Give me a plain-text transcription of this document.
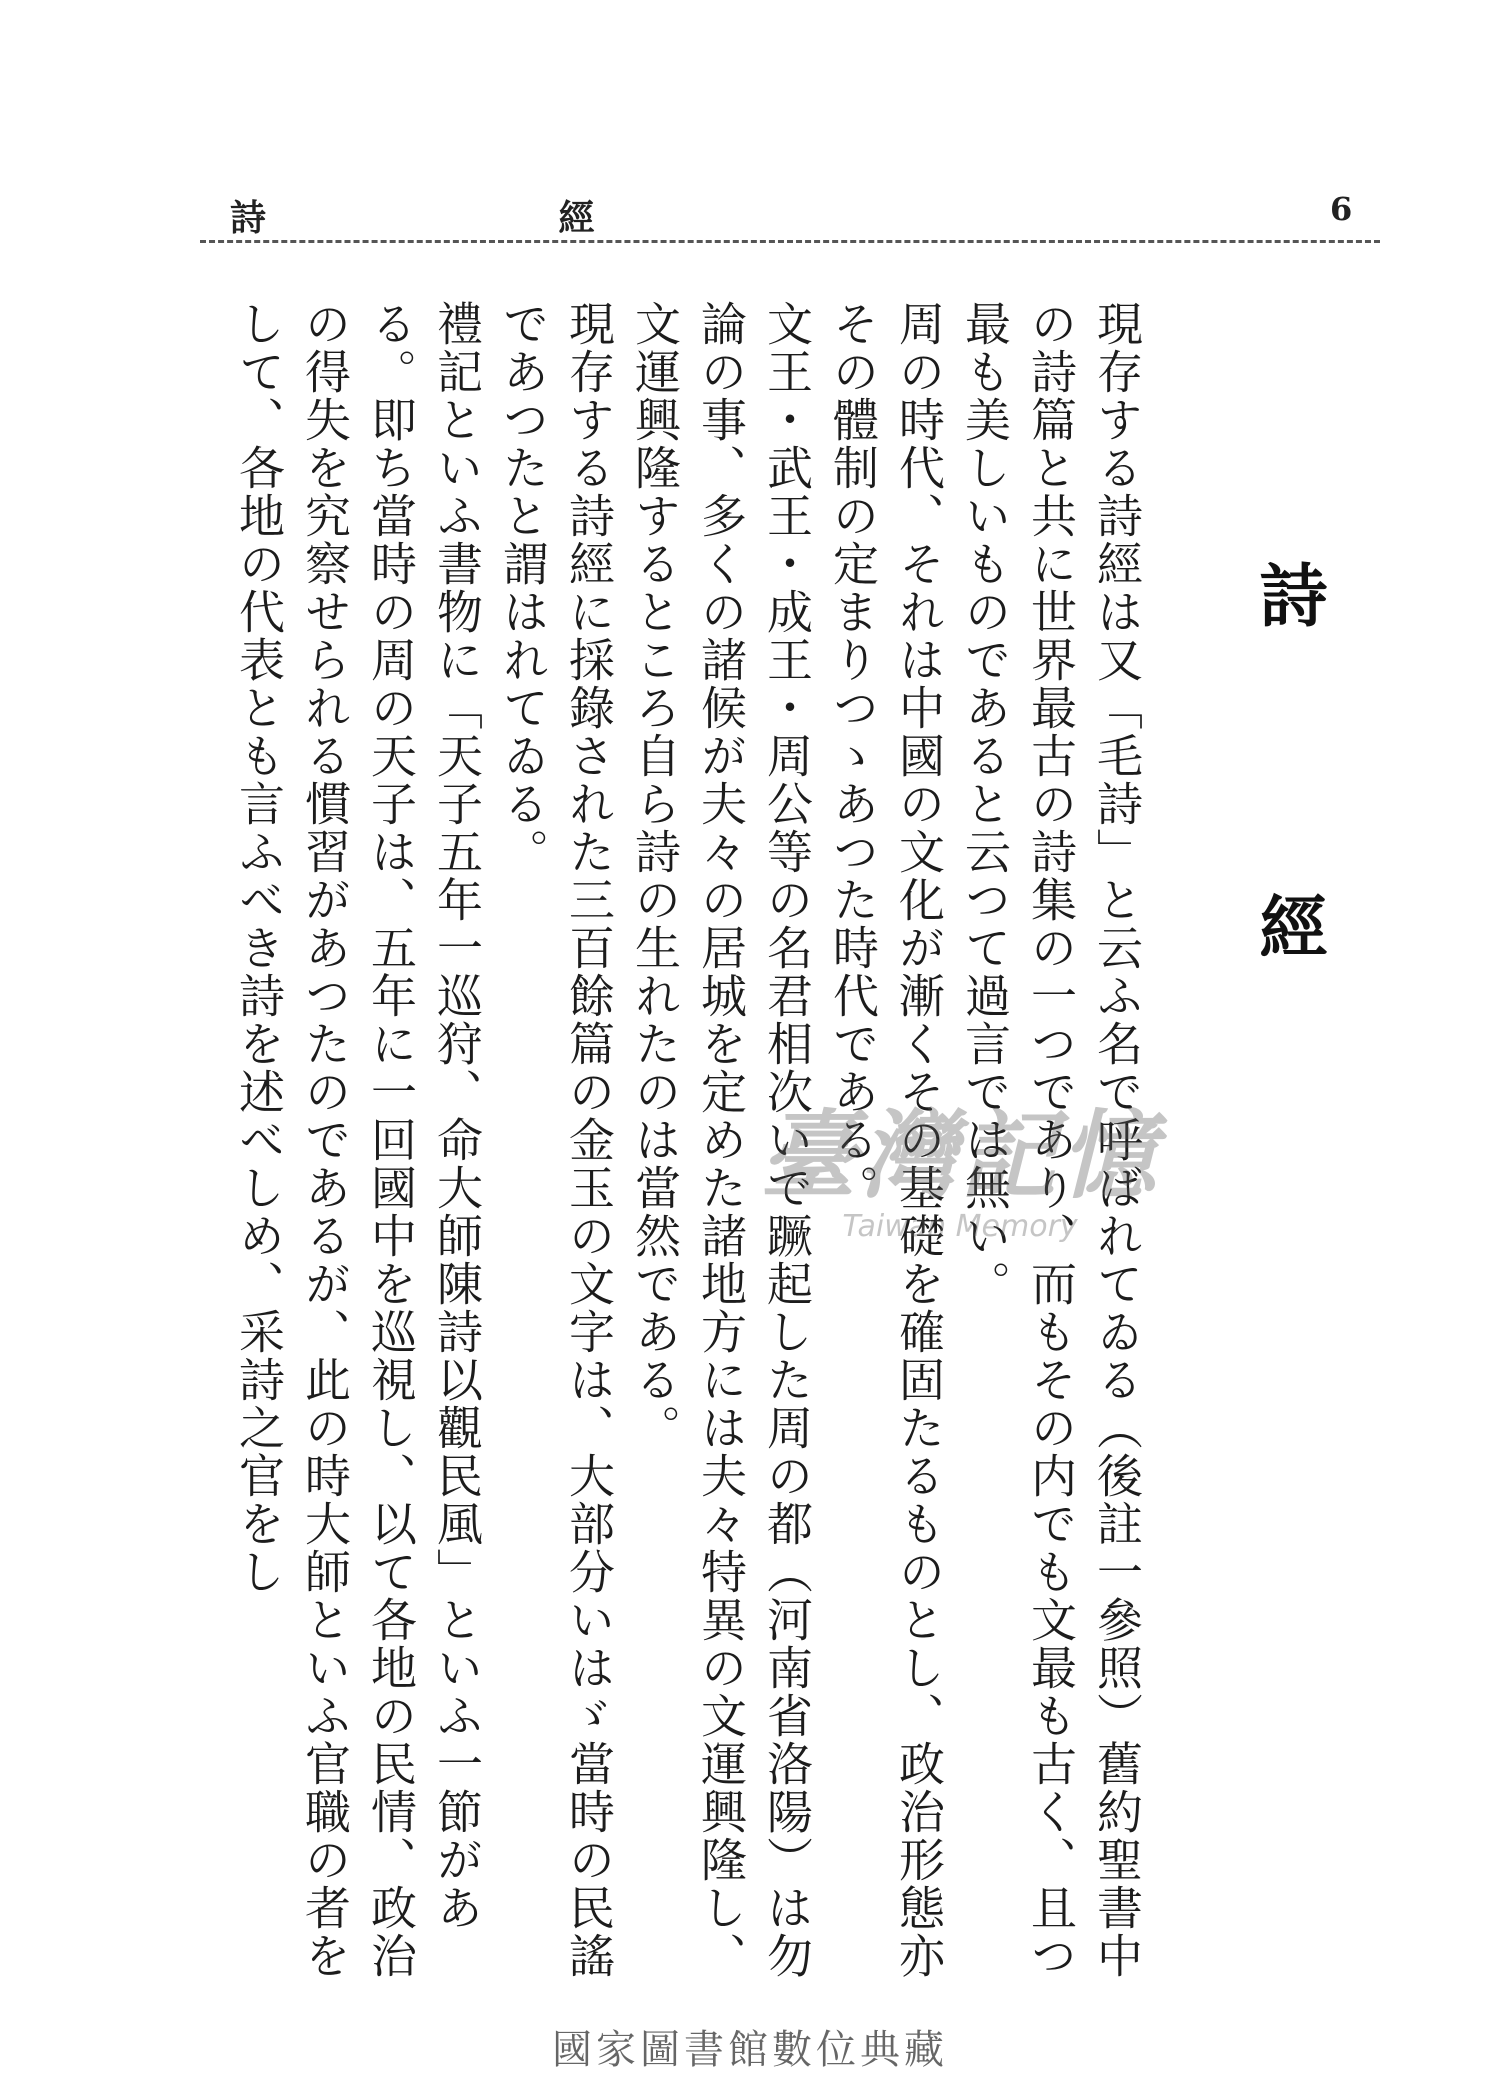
詩 經	6
詩 經

現存する詩經は又「毛詩」と云ふ名で呼ばれてゐる（後註一參照）舊約聖書中の詩篇と共に世界最古の詩集の一つであり、而もその内でも文最も古く、且つ最も美しいものであると云つて過言では無い。

周の時代、それは中國の文化が漸くその基礎を確固たるものとし、政治形態亦その體制の定まりつゝあつた時代である。

文王・武王・成王・周公等の名君相次いで蹶起した周の都（河南省洛陽）は勿論の事、多くの諸候が夫々の居城を定めた諸地方には夫々特異の文運興隆し、文運興隆するところ自ら詩の生れたのは當然である。

現存する詩經に採錄された三百餘篇の金玉の文字は、大部分いはゞ當時の民謠であつたと謂はれてゐる。

禮記といふ書物に「天子五年一巡狩、命大師陳詩以觀民風」といふ一節がある。即ち當時の周の天子は、五年に一回國中を巡視し、以て各地の民情、政治の得失を究察せられる慣習があつたのであるが、此の時大師といふ官職の者をして、各地の代表とも言ふべき詩を述べしめ、采詩之官をし	臺灣記憶
Taiwan Memory
國家圖書館數位典藏
